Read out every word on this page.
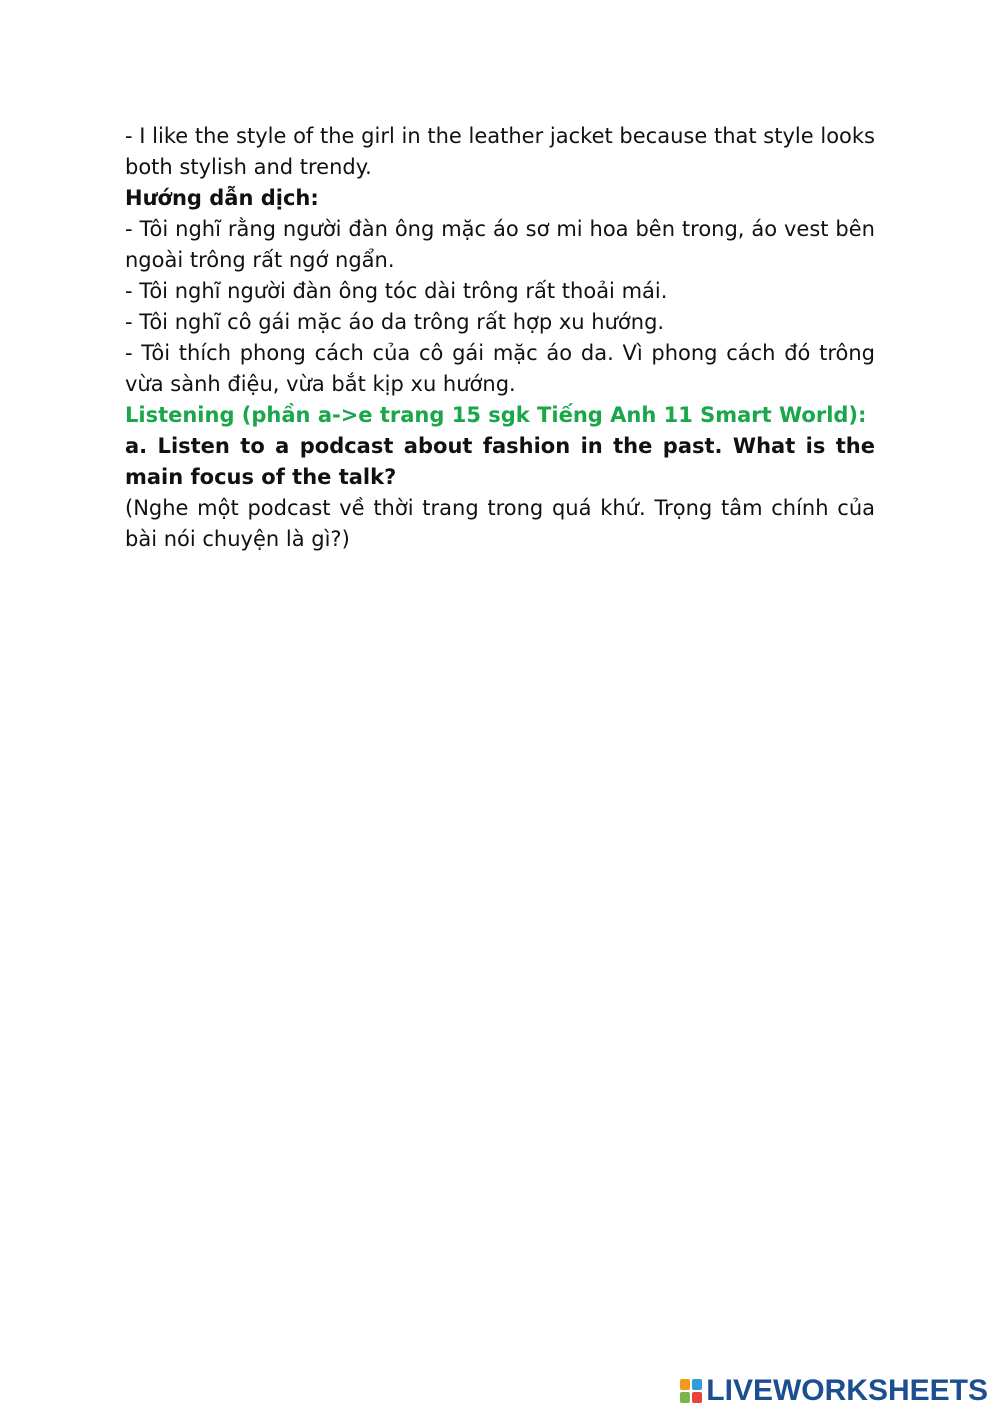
- I like the style of the girl in the leather jacket because that style looks both stylish and trendy.

Hướng dẫn dịch:

- Tôi nghĩ rằng người đàn ông mặc áo sơ mi hoa bên trong, áo vest bên ngoài trông rất ngớ ngẩn.

- Tôi nghĩ người đàn ông tóc dài trông rất thoải mái.

- Tôi nghĩ cô gái mặc áo da trông rất hợp xu hướng.

- Tôi thích phong cách của cô gái mặc áo da. Vì phong cách đó trông vừa sành điệu, vừa bắt kịp xu hướng.

Listening (phần a->e trang 15 sgk Tiếng Anh 11 Smart World):

a. Listen to a podcast about fashion in the past. What is the main focus of the talk?

(Nghe một podcast về thời trang trong quá khứ. Trọng tâm chính của bài nói chuyện là gì?)

LIVEWORKSHEETS
